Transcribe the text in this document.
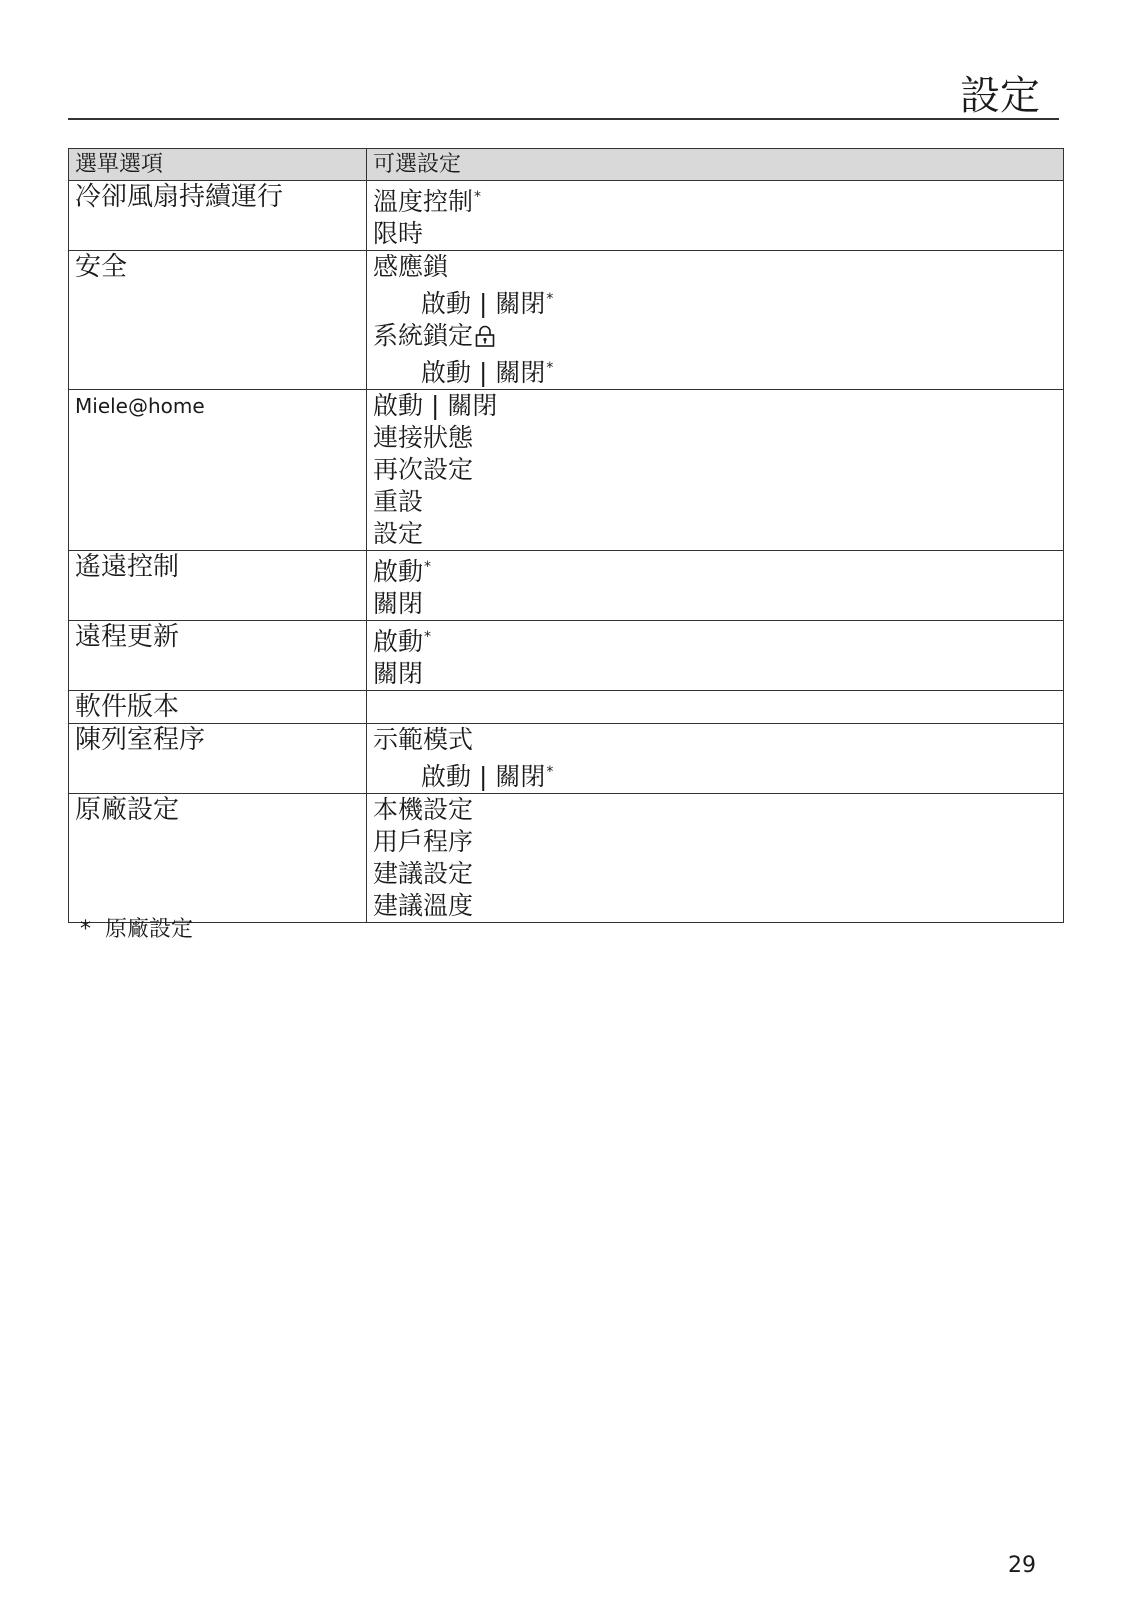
設定
選單選項	可選設定
冷卻風扇持續運行	溫度控制*
限時

安全	感應鎖
啟動 | 關閉*
系統鎖定
啟動 | 關閉*

Miele@home	啟動 | 關閉
連接狀態
再次設定
重設
設定

遙遠控制	啟動*
關閉

遠程更新	啟動*
關閉

軟件版本	
陳列室程序	示範模式
啟動 | 關閉*

原廠設定	本機設定
用戶程序
建議設定
建議溫度
* 原廠設定
29
